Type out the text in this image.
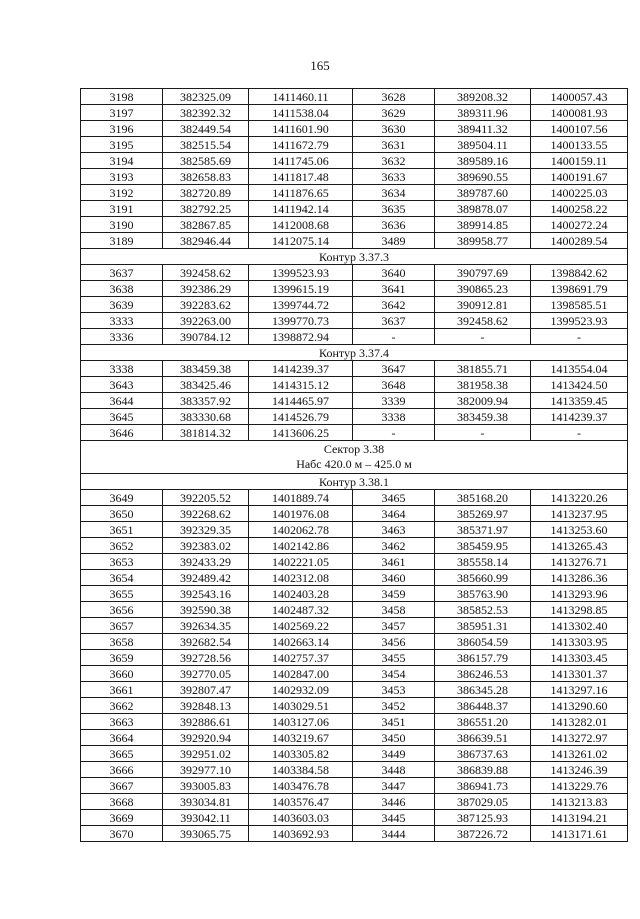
165
3198	382325.09	1411460.11	3628	389208.32	1400057.43
3197	382392.32	1411538.04	3629	389311.96	1400081.93
3196	382449.54	1411601.90	3630	389411.32	1400107.56
3195	382515.54	1411672.79	3631	389504.11	1400133.55
3194	382585.69	1411745.06	3632	389589.16	1400159.11
3193	382658.83	1411817.48	3633	389690.55	1400191.67
3192	382720.89	1411876.65	3634	389787.60	1400225.03
3191	382792.25	1411942.14	3635	389878.07	1400258.22
3190	382867.85	1412008.68	3636	389914.85	1400272.24
3189	382946.44	1412075.14	3489	389958.77	1400289.54
Контур 3.37.3					
3637	392458.62	1399523.93	3640	390797.69	1398842.62
3638	392386.29	1399615.19	3641	390865.23	1398691.79
3639	392283.62	1399744.72	3642	390912.81	1398585.51
3333	392263.00	1399770.73	3637	392458.62	1399523.93
3336	390784.12	1398872.94	-	-	-
Контур 3.37.4					
3338	383459.38	1414239.37	3647	381855.71	1413554.04
3643	383425.46	1414315.12	3648	381958.38	1413424.50
3644	383357.92	1414465.97	3339	382009.94	1413359.45
3645	383330.68	1414526.79	3338	383459.38	1414239.37
3646	381814.32	1413606.25	-	-	-
Сектор 3.38
Набс 420.0 м – 425.0 м					
Контур 3.38.1					
3649	392205.52	1401889.74	3465	385168.20	1413220.26
3650	392268.62	1401976.08	3464	385269.97	1413237.95
3651	392329.35	1402062.78	3463	385371.97	1413253.60
3652	392383.02	1402142.86	3462	385459.95	1413265.43
3653	392433.29	1402221.05	3461	385558.14	1413276.71
3654	392489.42	1402312.08	3460	385660.99	1413286.36
3655	392543.16	1402403.28	3459	385763.90	1413293.96
3656	392590.38	1402487.32	3458	385852.53	1413298.85
3657	392634.35	1402569.22	3457	385951.31	1413302.40
3658	392682.54	1402663.14	3456	386054.59	1413303.95
3659	392728.56	1402757.37	3455	386157.79	1413303.45
3660	392770.05	1402847.00	3454	386246.53	1413301.37
3661	392807.47	1402932.09	3453	386345.28	1413297.16
3662	392848.13	1403029.51	3452	386448.37	1413290.60
3663	392886.61	1403127.06	3451	386551.20	1413282.01
3664	392920.94	1403219.67	3450	386639.51	1413272.97
3665	392951.02	1403305.82	3449	386737.63	1413261.02
3666	392977.10	1403384.58	3448	386839.88	1413246.39
3667	393005.83	1403476.78	3447	386941.73	1413229.76
3668	393034.81	1403576.47	3446	387029.05	1413213.83
3669	393042.11	1403603.03	3445	387125.93	1413194.21
3670	393065.75	1403692.93	3444	387226.72	1413171.61
